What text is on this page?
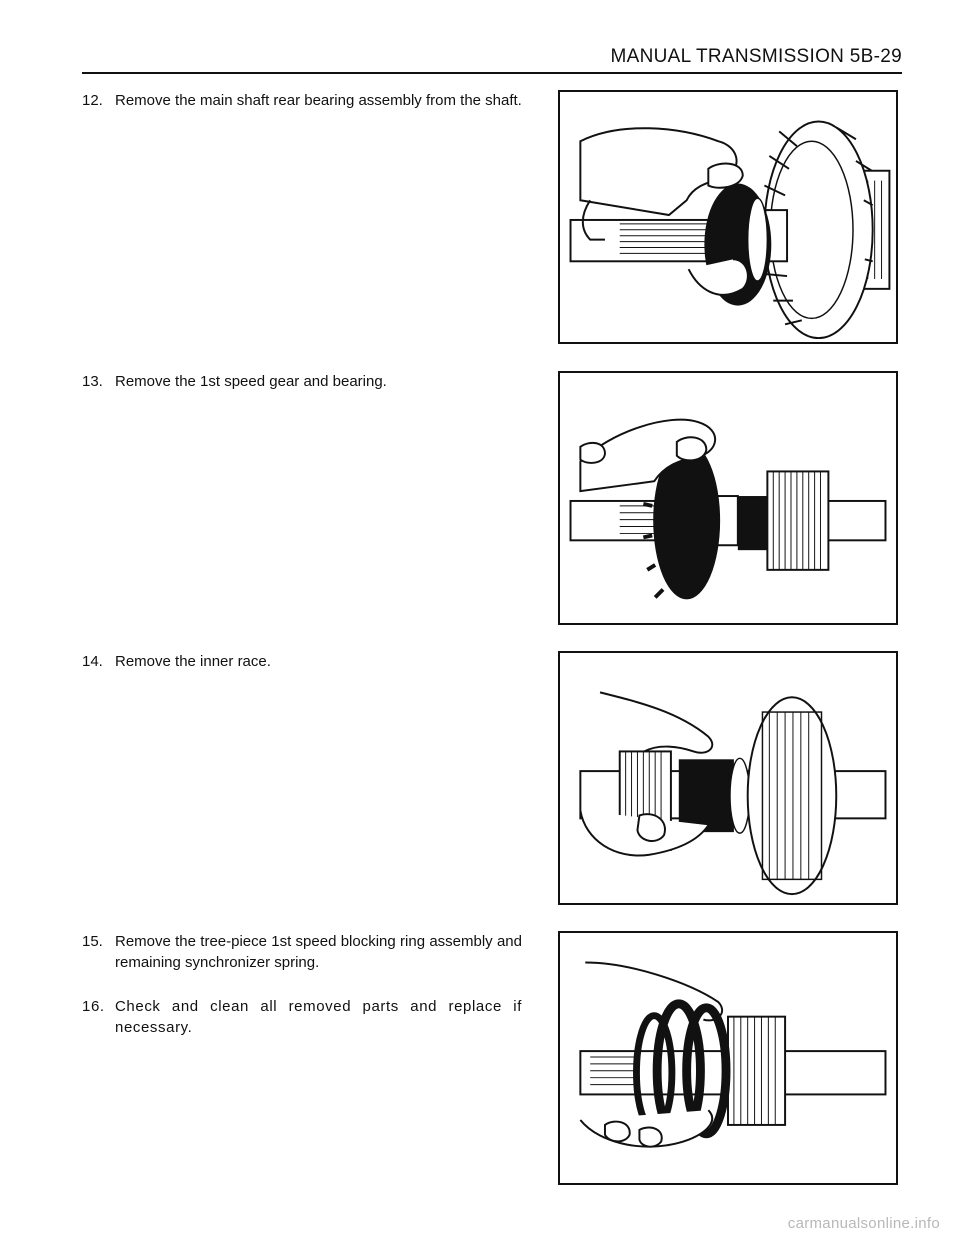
MANUAL TRANSMISSION 5B-29
12. Remove the main shaft rear bearing assembly from the shaft.
13. Remove the 1st speed gear and bearing.
14. Remove the inner race.
15. Remove the tree-piece 1st speed blocking ring assembly and remaining synchronizer spring.
16. Check and clean all removed parts and replace if necessary.
carmanualsonline.info
